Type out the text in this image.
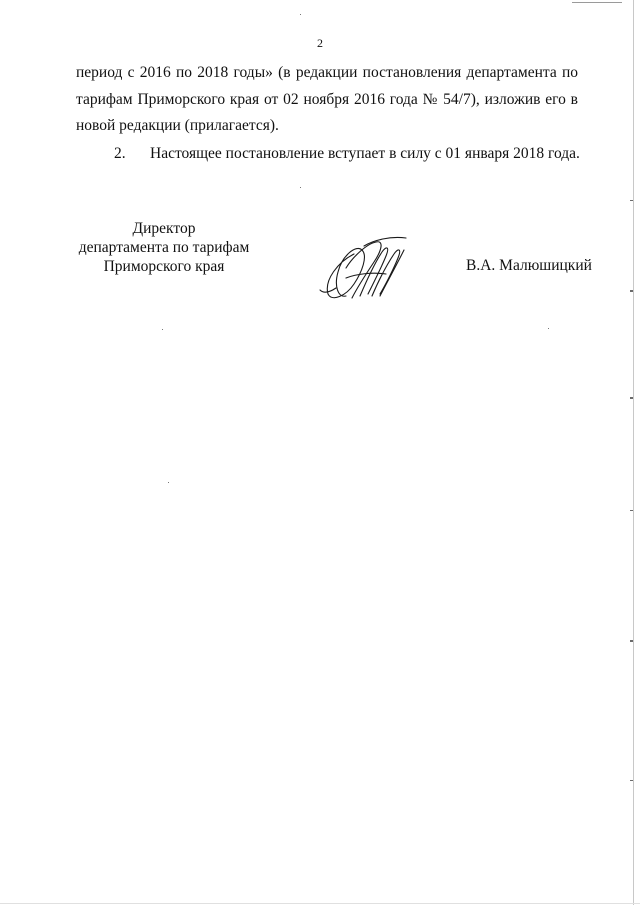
2

период с 2016 по 2018 годы» (в редакции постановления департамента по
тарифам Приморского края от 02 ноября 2016 года № 54/7), изложив его в
новой редакции (прилагается).

2. Настоящее постановление вступает в силу с 01 января 2018 года.
Директор
департамента по тарифам
Приморского края	В.А. Малюшицкий
